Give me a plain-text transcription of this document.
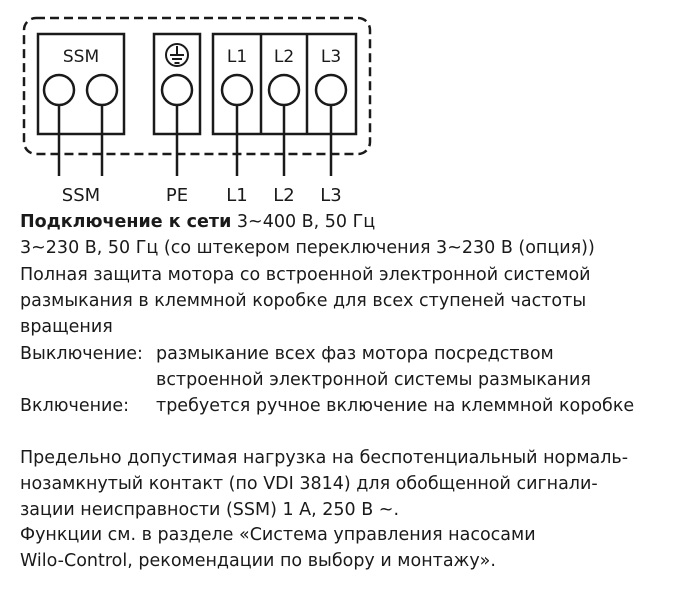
SSM	L1 L2 L3
SSM	PE L1 L2 L3
Подключение к сети 3~400 В, 50 Гц
3~230 В, 50 Гц (со штекером переключения 3~230 В (опция))
Полная защита мотора со встроенной электронной системой
размыкания в клеммной коробке для всех ступеней частоты
вращения
Выключение: размыкание всех фаз мотора посредством
встроенной электронной системы размыкания
Включение: требуется ручное включение на клеммной коробке
Предельно допустимая нагрузка на беспотенциальный нормаль-
нозамкнутый контакт (по VDI 3814) для обобщенной сигнали-
зации неисправности (SSM) 1 А, 250 В ~.
Функции см. в разделе «Система управления насосами
Wilo-Control, рекомендации по выбору и монтажу».
